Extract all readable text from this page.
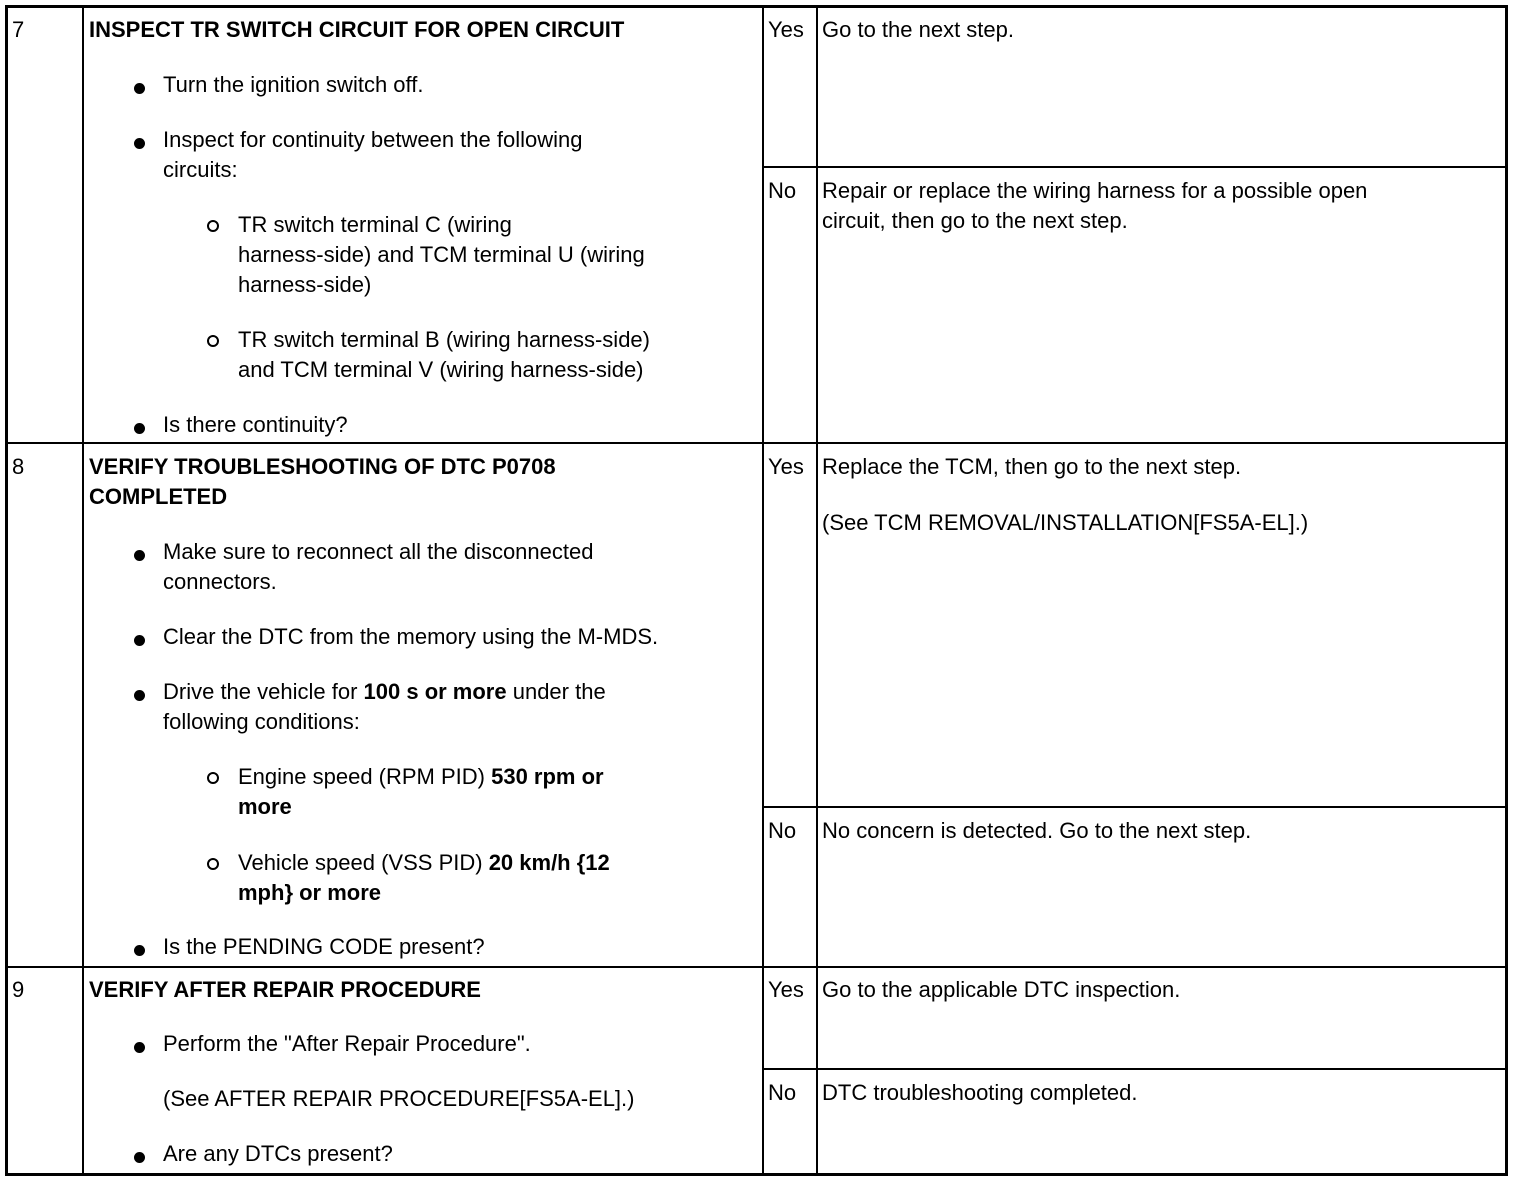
7	INSPECT TR SWITCH CIRCUIT FOR OPEN CIRCUIT
Turn the ignition switch off.
Inspect for continuity between the following
circuits:
TR switch terminal C (wiring
harness-side) and TCM terminal U (wiring
harness-side)
TR switch terminal B (wiring harness-side)
and TCM terminal V (wiring harness-side)
Is there continuity?
Yes Go to the next step.
No Repair or replace the wiring harness for a possible open
circuit, then go to the next step.
8	VERIFY TROUBLESHOOTING OF DTC P0708
COMPLETED
Make sure to reconnect all the disconnected
connectors.
Clear the DTC from the memory using the M-MDS.
Drive the vehicle for 100 s or more under the
following conditions:
Engine speed (RPM PID) 530 rpm or
more
Vehicle speed (VSS PID) 20 km/h {12
mph} or more
Is the PENDING CODE present?
Yes Replace the TCM, then go to the next step.
(See TCM REMOVAL/INSTALLATION[FS5A-EL].)
No No concern is detected. Go to the next step.
9	VERIFY AFTER REPAIR PROCEDURE
Perform the "After Repair Procedure".
(See AFTER REPAIR PROCEDURE[FS5A-EL].)
Are any DTCs present?
Yes Go to the applicable DTC inspection.
No DTC troubleshooting completed.
